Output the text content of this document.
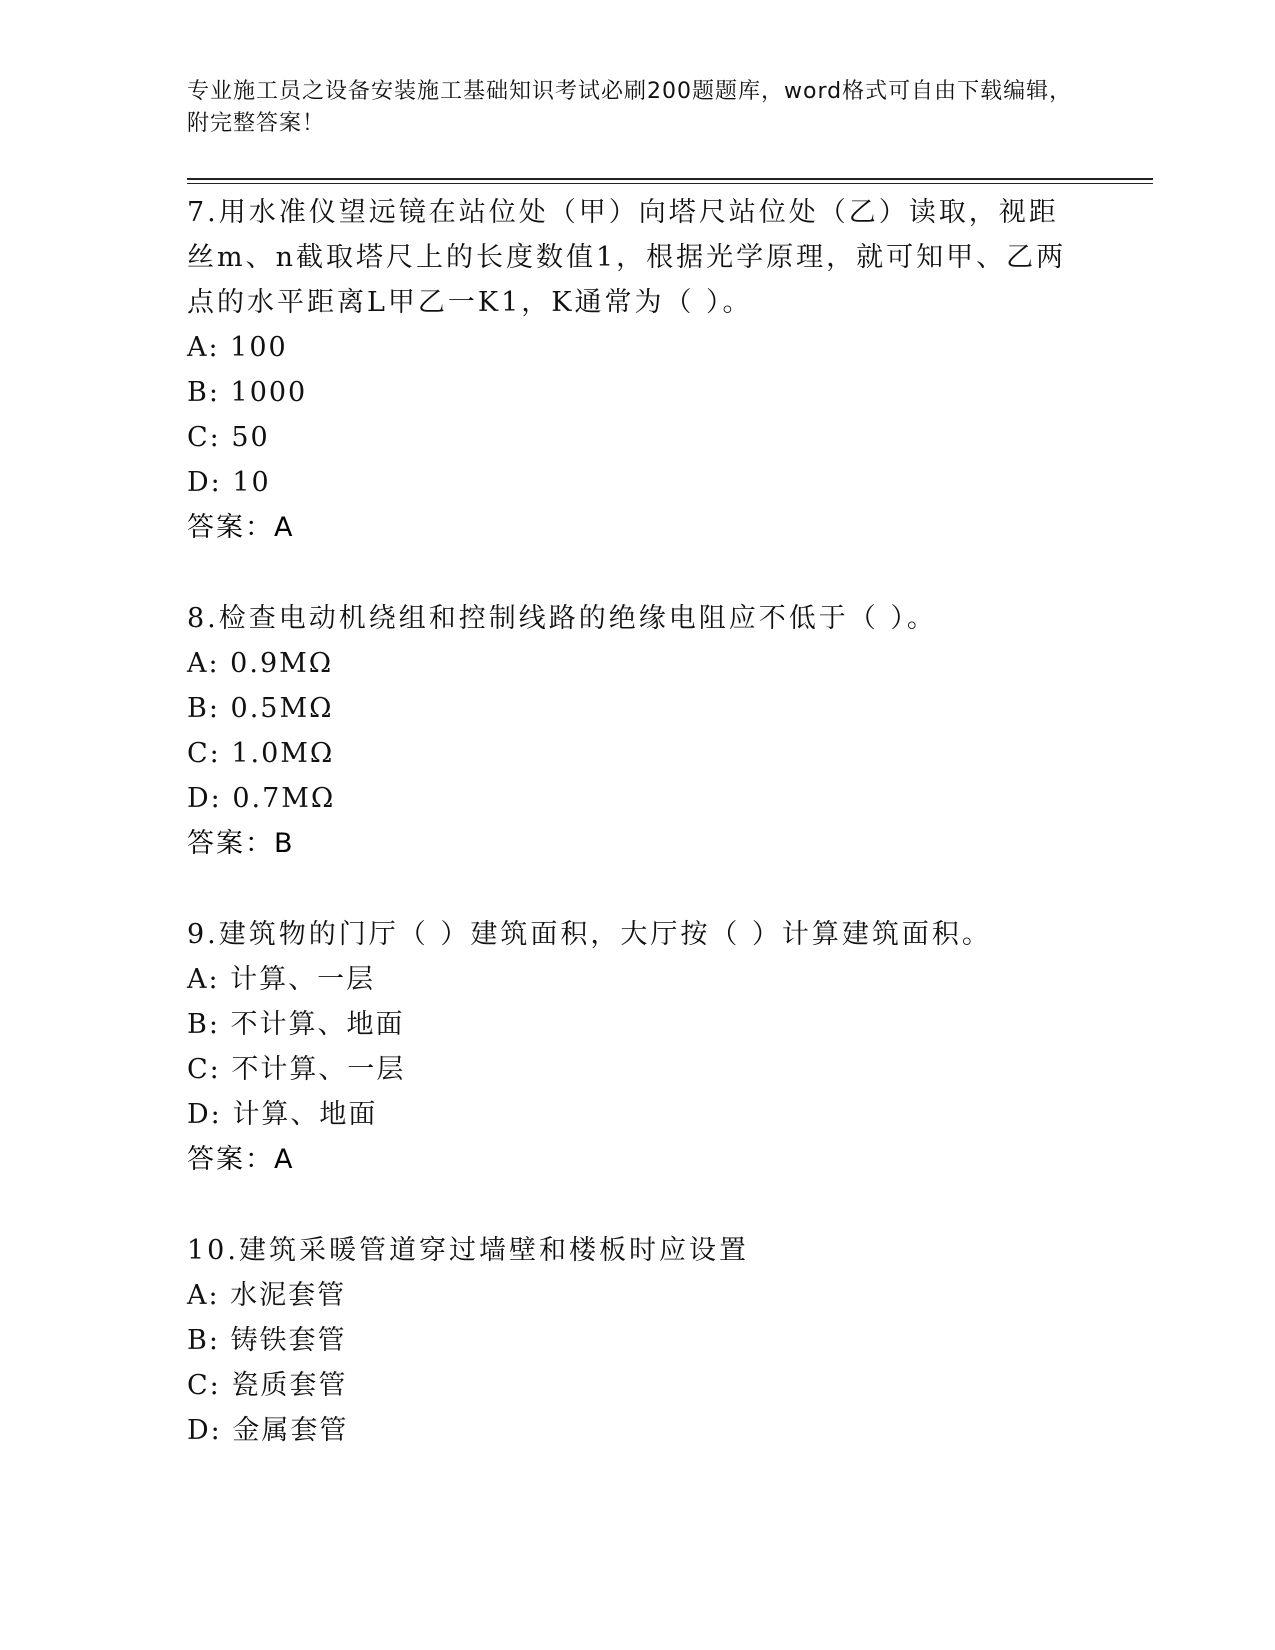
专业施工员之设备安装施工基础知识考试必刷200题题库，word格式可自由下载编辑，附完整答案！
7.用水准仪望远镜在站位处（甲）向塔尺站位处（乙）读取，视距丝m、n截取塔尺上的长度数值1，根据光学原理，就可知甲、乙两点的水平距离L甲乙一K1，K通常为（ ）。
A: 100
B: 1000
C: 50
D: 10
答案：A
8.检查电动机绕组和控制线路的绝缘电阻应不低于（ ）。
A: 0.9MΩ
B: 0.5MΩ
C: 1.0MΩ
D: 0.7MΩ
答案：B
9.建筑物的门厅（ ）建筑面积，大厅按（ ）计算建筑面积。
A: 计算、一层
B: 不计算、地面
C: 不计算、一层
D: 计算、地面
答案：A
10.建筑采暖管道穿过墙壁和楼板时应设置
A: 水泥套管
B: 铸铁套管
C: 瓷质套管
D: 金属套管
